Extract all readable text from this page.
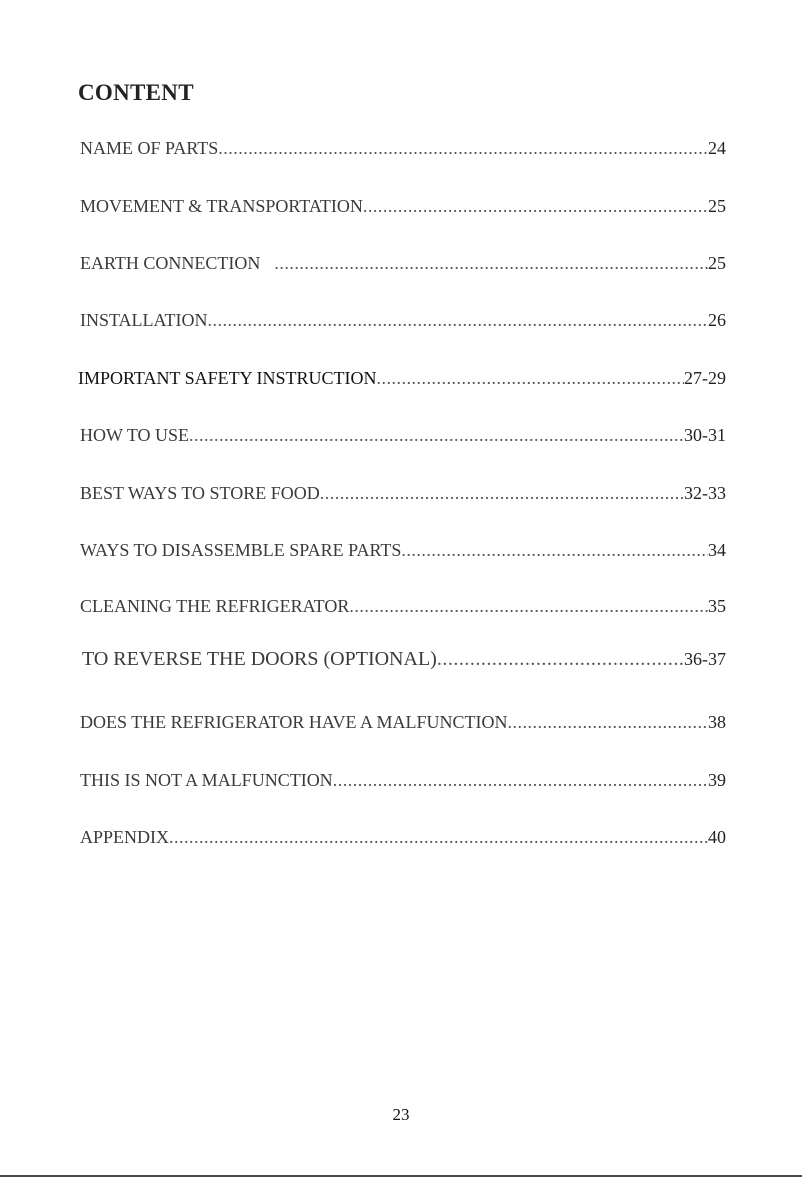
CONTENT
NAME OF PARTS .....	24
MOVEMENT & TRANSPORTATION .....	25
EARTH CONNECTION .....	25
INSTALLATION .....	26
IMPORTANT SAFETY INSTRUCTION .....	27-29
HOW TO USE .....	30-31
BEST WAYS TO STORE FOOD .....	32-33
WAYS TO DISASSEMBLE SPARE PARTS .....	34
CLEANING THE REFRIGERATOR .....	35
TO REVERSE THE DOORS (OPTIONAL) .....	36-37
DOES THE REFRIGERATOR HAVE A MALFUNCTION .....	38
THIS IS NOT A MALFUNCTION .....	39
APPENDIX .....	40
23
